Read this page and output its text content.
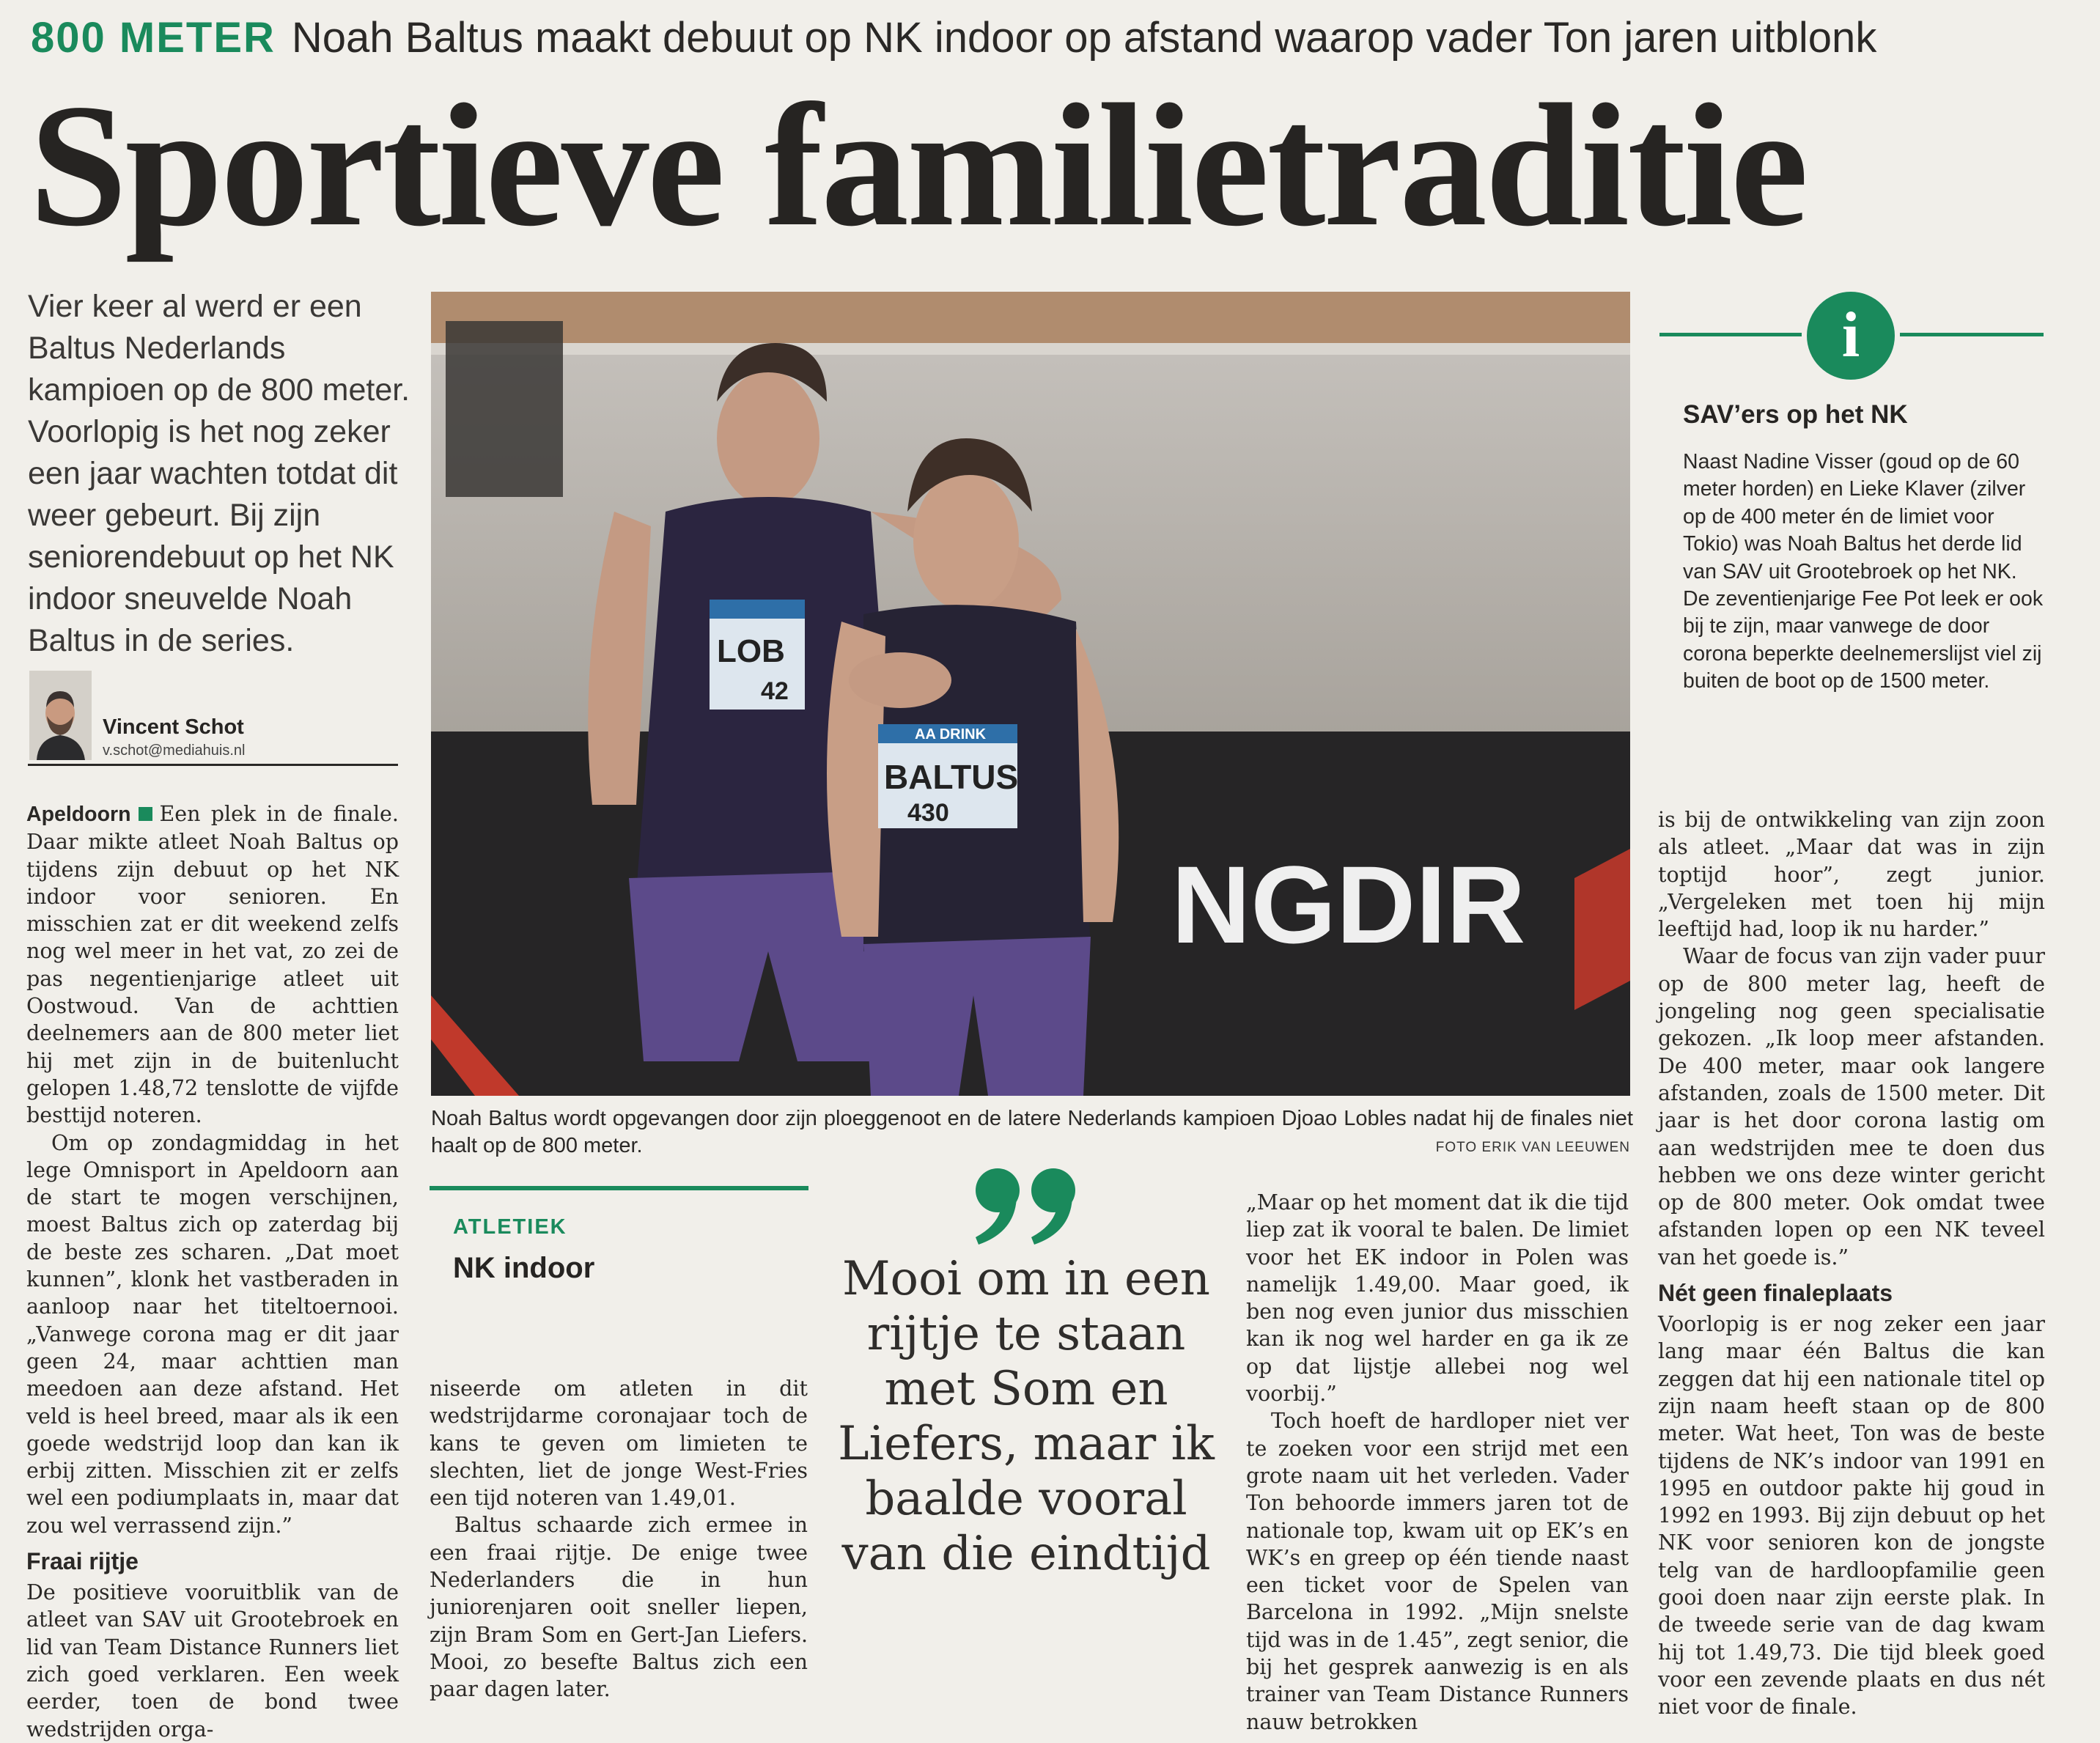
800 METER Noah Baltus maakt debuut op NK indoor op afstand waarop vader Ton jaren uitblonk
Sportieve familietraditie
Vier keer al werd er een Baltus Nederlands kampioen op de 800 meter. Voorlopig is het nog zeker een jaar wachten totdat dit weer gebeurt. Bij zijn seniorendebuut op het NK indoor sneuvelde Noah Baltus in de series.
Vincent Schot
v.schot@mediahuis.nl

Apeldoorn Een plek in de finale. Daar mikte atleet Noah Baltus op tijdens zijn debuut op het NK indoor voor senioren. En misschien zat er dit weekend zelfs nog wel meer in het vat, zo zei de pas negentienjarige atleet uit Oostwoud. Van de achttien deelnemers aan de 800 meter liet hij met zijn in de buitenlucht gelopen 1.48,72 tenslotte de vijfde besttijd noteren.

Om op zondagmiddag in het lege Omnisport in Apeldoorn aan de start te mogen verschijnen, moest Baltus zich op zaterdag bij de beste zes scharen. „Dat moet kunnen”, klonk het vastberaden in aanloop naar het titeltoernooi. „Vanwege corona mag er dit jaar geen 24, maar achttien man meedoen aan deze afstand. Het veld is heel breed, maar als ik een goede wedstrijd loop dan kan ik erbij zitten. Misschien zit er zelfs wel een podiumplaats in, maar dat zou wel verrassend zijn.”

Fraai rijtje

De positieve vooruitblik van de atleet van SAV uit Grootebroek en lid van Team Distance Runners liet zich goed verklaren. Een week eerder, toen de bond twee wedstrijden orga-

NGDIR
LOB
42
AA DRINK
BALTUS
430
Noah Baltus wordt opgevangen door zijn ploeggenoot en de latere Nederlands kampioen Djoao Lobles nadat hij de finales niet haalt op de 800 meter.	FOTO ERIK VAN LEEUWEN
ATLETIEK
NK indoor

niseerde om atleten in dit wedstrijdarme coronajaar toch de kans te geven om limieten te slechten, liet de jonge West-Fries een tijd noteren van 1.49,01.

Baltus schaarde zich ermee in een fraai rijtje. De enige twee Nederlanders die in hun juniorenjaren ooit sneller liepen, zijn Bram Som en Gert-Jan Liefers. Mooi, zo besefte Baltus zich een paar dagen later.

Mooi om in een rijtje te staan met Som en Liefers, maar ik baalde vooral van die eindtijd

„Maar op het moment dat ik die tijd liep zat ik vooral te balen. De limiet voor het EK indoor in Polen was namelijk 1.49,00. Maar goed, ik ben nog even junior dus misschien kan ik nog wel harder en ga ik ze op dat lijstje allebei nog wel voorbij.”

Toch hoeft de hardloper niet ver te zoeken voor een strijd met een grote naam uit het verleden. Vader Ton behoorde immers jaren tot de nationale top, kwam uit op EK’s en WK’s en greep op één tiende naast een ticket voor de Spelen van Barcelona in 1992. „Mijn snelste tijd was in de 1.45”, zegt senior, die bij het gesprek aanwezig is en als trainer van Team Distance Runners nauw betrokken

i
SAV’ers op het NK
Naast Nadine Visser (goud op de 60 meter horden) en Lieke Klaver (zilver op de 400 meter én de limiet voor Tokio) was Noah Baltus het derde lid van SAV uit Grootebroek op het NK. De zeventienjarige Fee Pot leek er ook bij te zijn, maar vanwege de door corona beperkte deelnemerslijst viel zij buiten de boot op de 1500 meter.

is bij de ontwikkeling van zijn zoon als atleet. „Maar dat was in zijn toptijd hoor”, zegt junior. „Vergeleken met toen hij mijn leeftijd had, loop ik nu harder.”

Waar de focus van zijn vader puur op de 800 meter lag, heeft de jongeling nog geen specialisatie gekozen. „Ik loop meer afstanden. De 400 meter, maar ook langere afstanden, zoals de 1500 meter. Dit jaar is het door corona lastig om aan wedstrijden mee te doen dus hebben we ons deze winter gericht op de 800 meter. Ook omdat twee afstanden lopen op een NK teveel van het goede is.”

Nét geen finaleplaats

Voorlopig is er nog zeker een jaar lang maar één Baltus die kan zeggen dat hij een nationale titel op zijn naam heeft staan op de 800 meter. Wat heet, Ton was de beste tijdens de NK’s indoor van 1991 en 1995 en outdoor pakte hij goud in 1992 en 1993. Bij zijn debuut op het NK voor senioren kon de jongste telg van de hardloopfamilie geen gooi doen naar zijn eerste plak. In de tweede serie van de dag kwam hij tot 1.49,73. Die tijd bleek goed voor een zevende plaats en dus nét niet voor de finale.
